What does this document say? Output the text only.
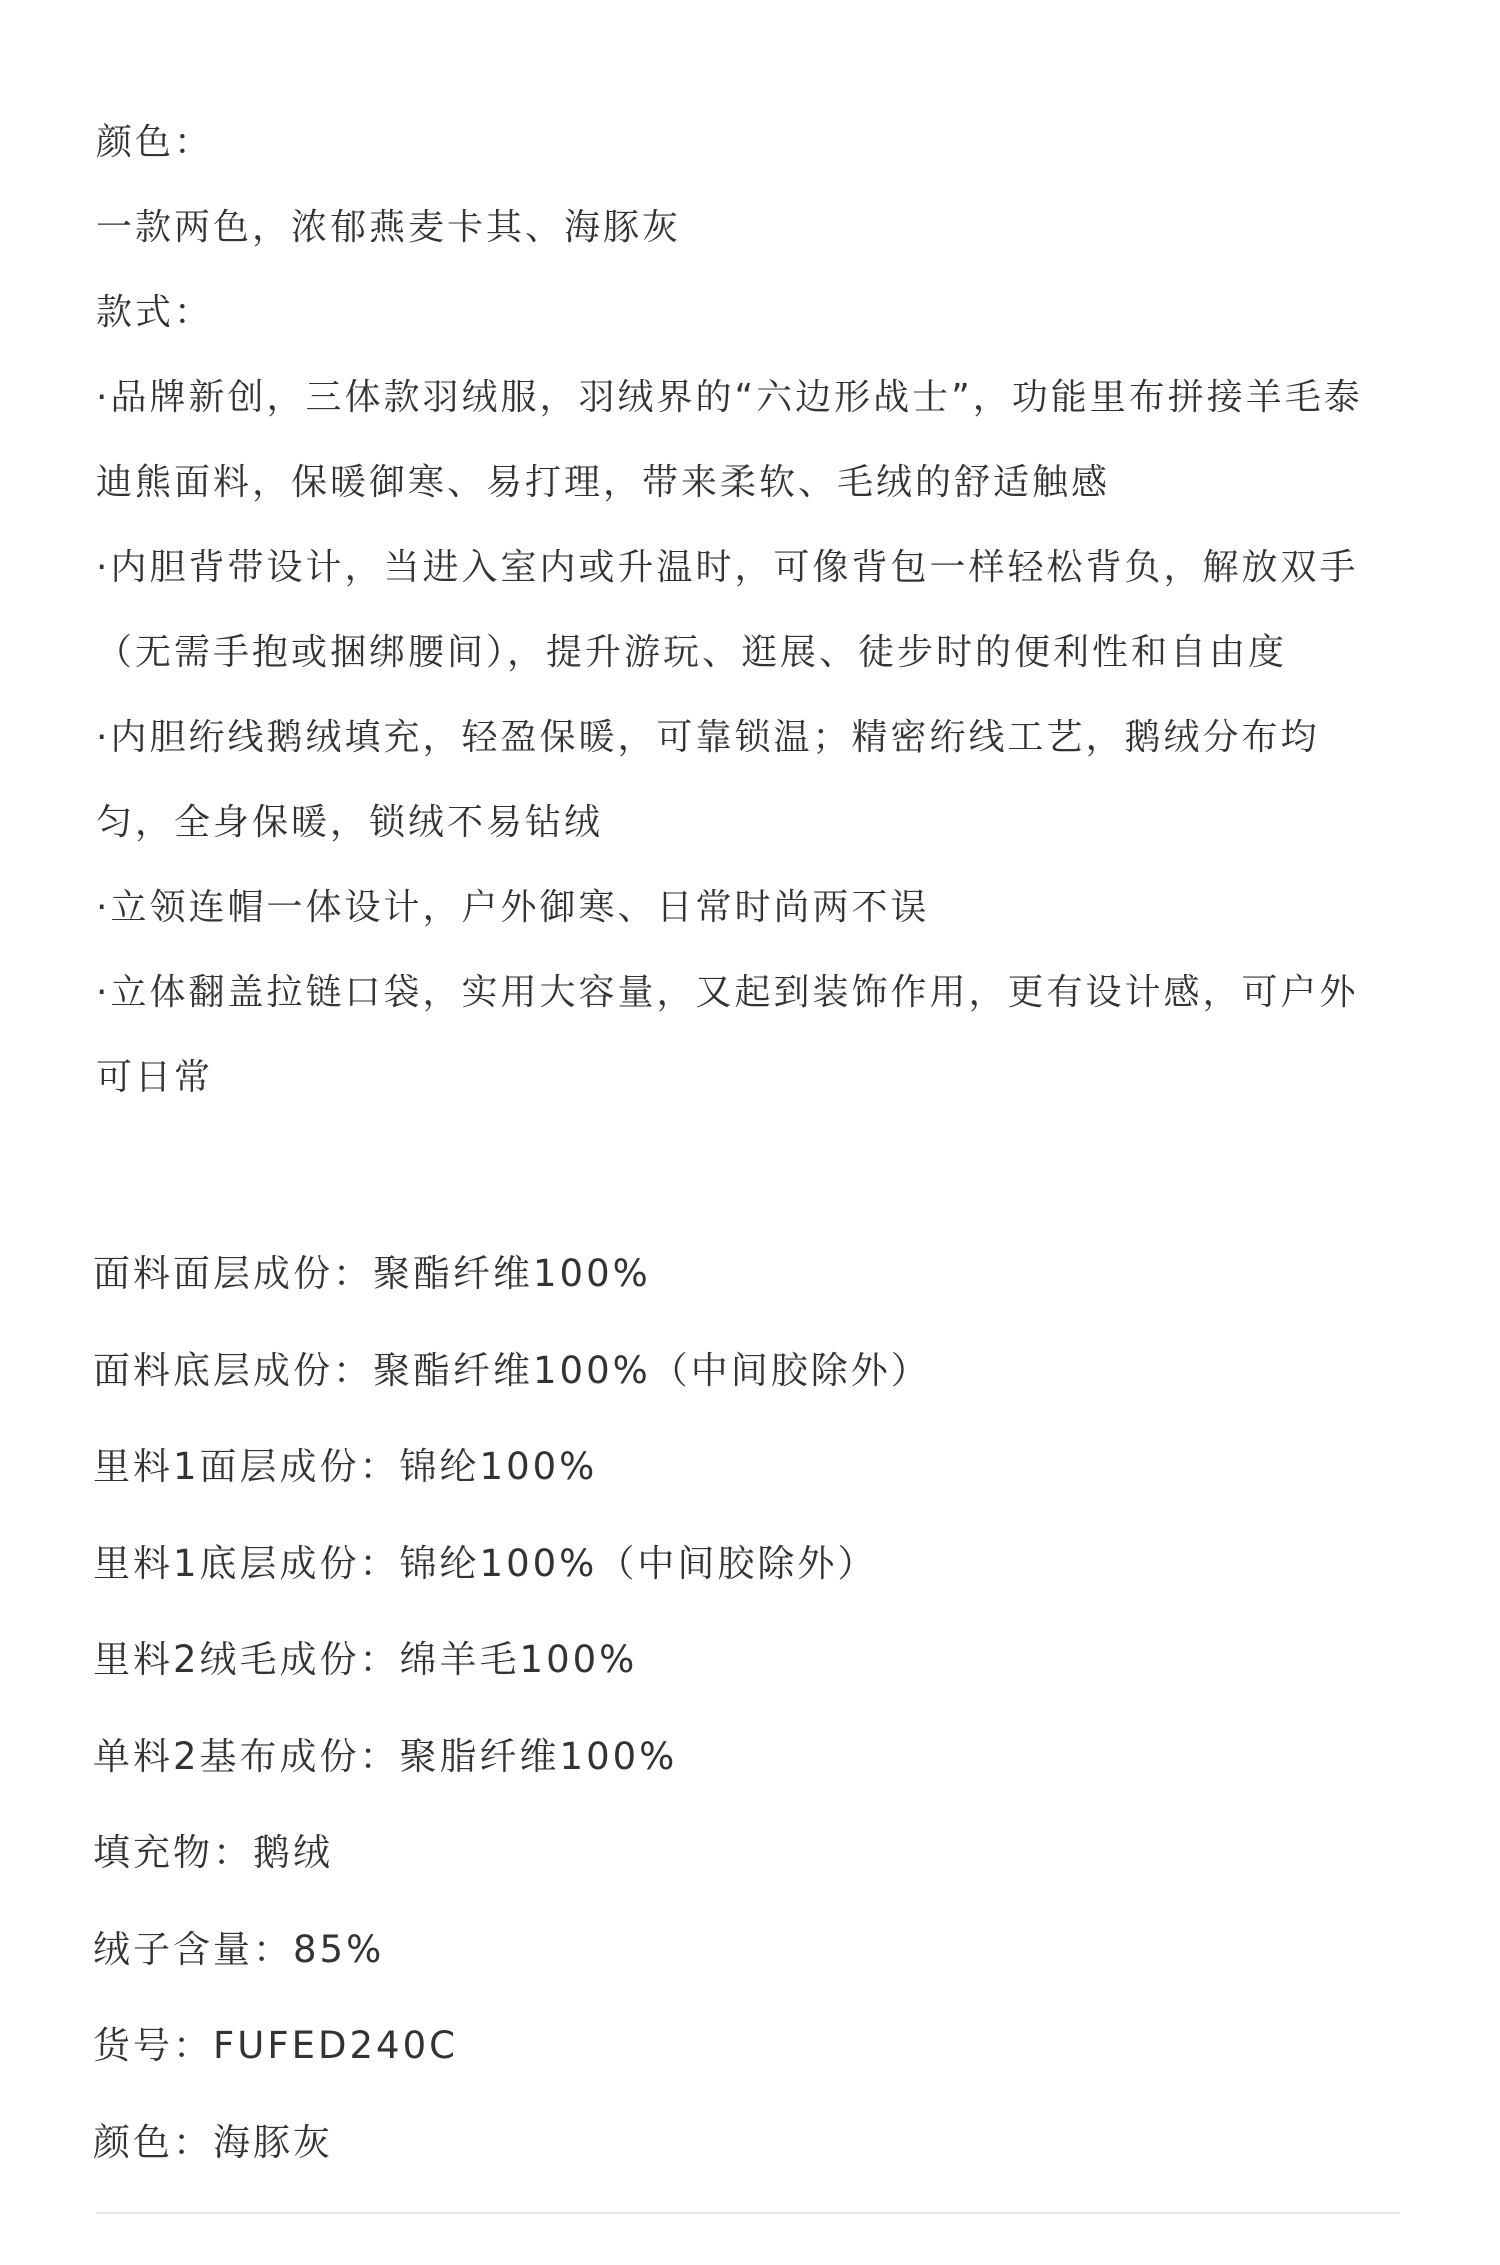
颜色：

一款两色，浓郁燕麦卡其、海豚灰

款式：

·品牌新创，三体款羽绒服，羽绒界的“六边形战士”，功能里布拼接羊毛泰迪熊面料，保暖御寒、易打理，带来柔软、毛绒的舒适触感

·内胆背带设计，当进入室内或升温时，可像背包一样轻松背负，解放双手（无需手抱或捆绑腰间），提升游玩、逛展、徒步时的便利性和自由度

·内胆绗线鹅绒填充，轻盈保暖，可靠锁温；精密绗线工艺，鹅绒分布均匀，全身保暖，锁绒不易钻绒

·立领连帽一体设计，户外御寒、日常时尚两不误

·立体翻盖拉链口袋，实用大容量，又起到装饰作用，更有设计感，可户外可日常

面料面层成份：聚酯纤维100%

面料底层成份：聚酯纤维100%（中间胶除外）

里料1面层成份：锦纶100%

里料1底层成份：锦纶100%（中间胶除外）

里料2绒毛成份：绵羊毛100%

单料2基布成份：聚脂纤维100%

填充物：鹅绒

绒子含量：85%

货号：FUFED240C

颜色：海豚灰
